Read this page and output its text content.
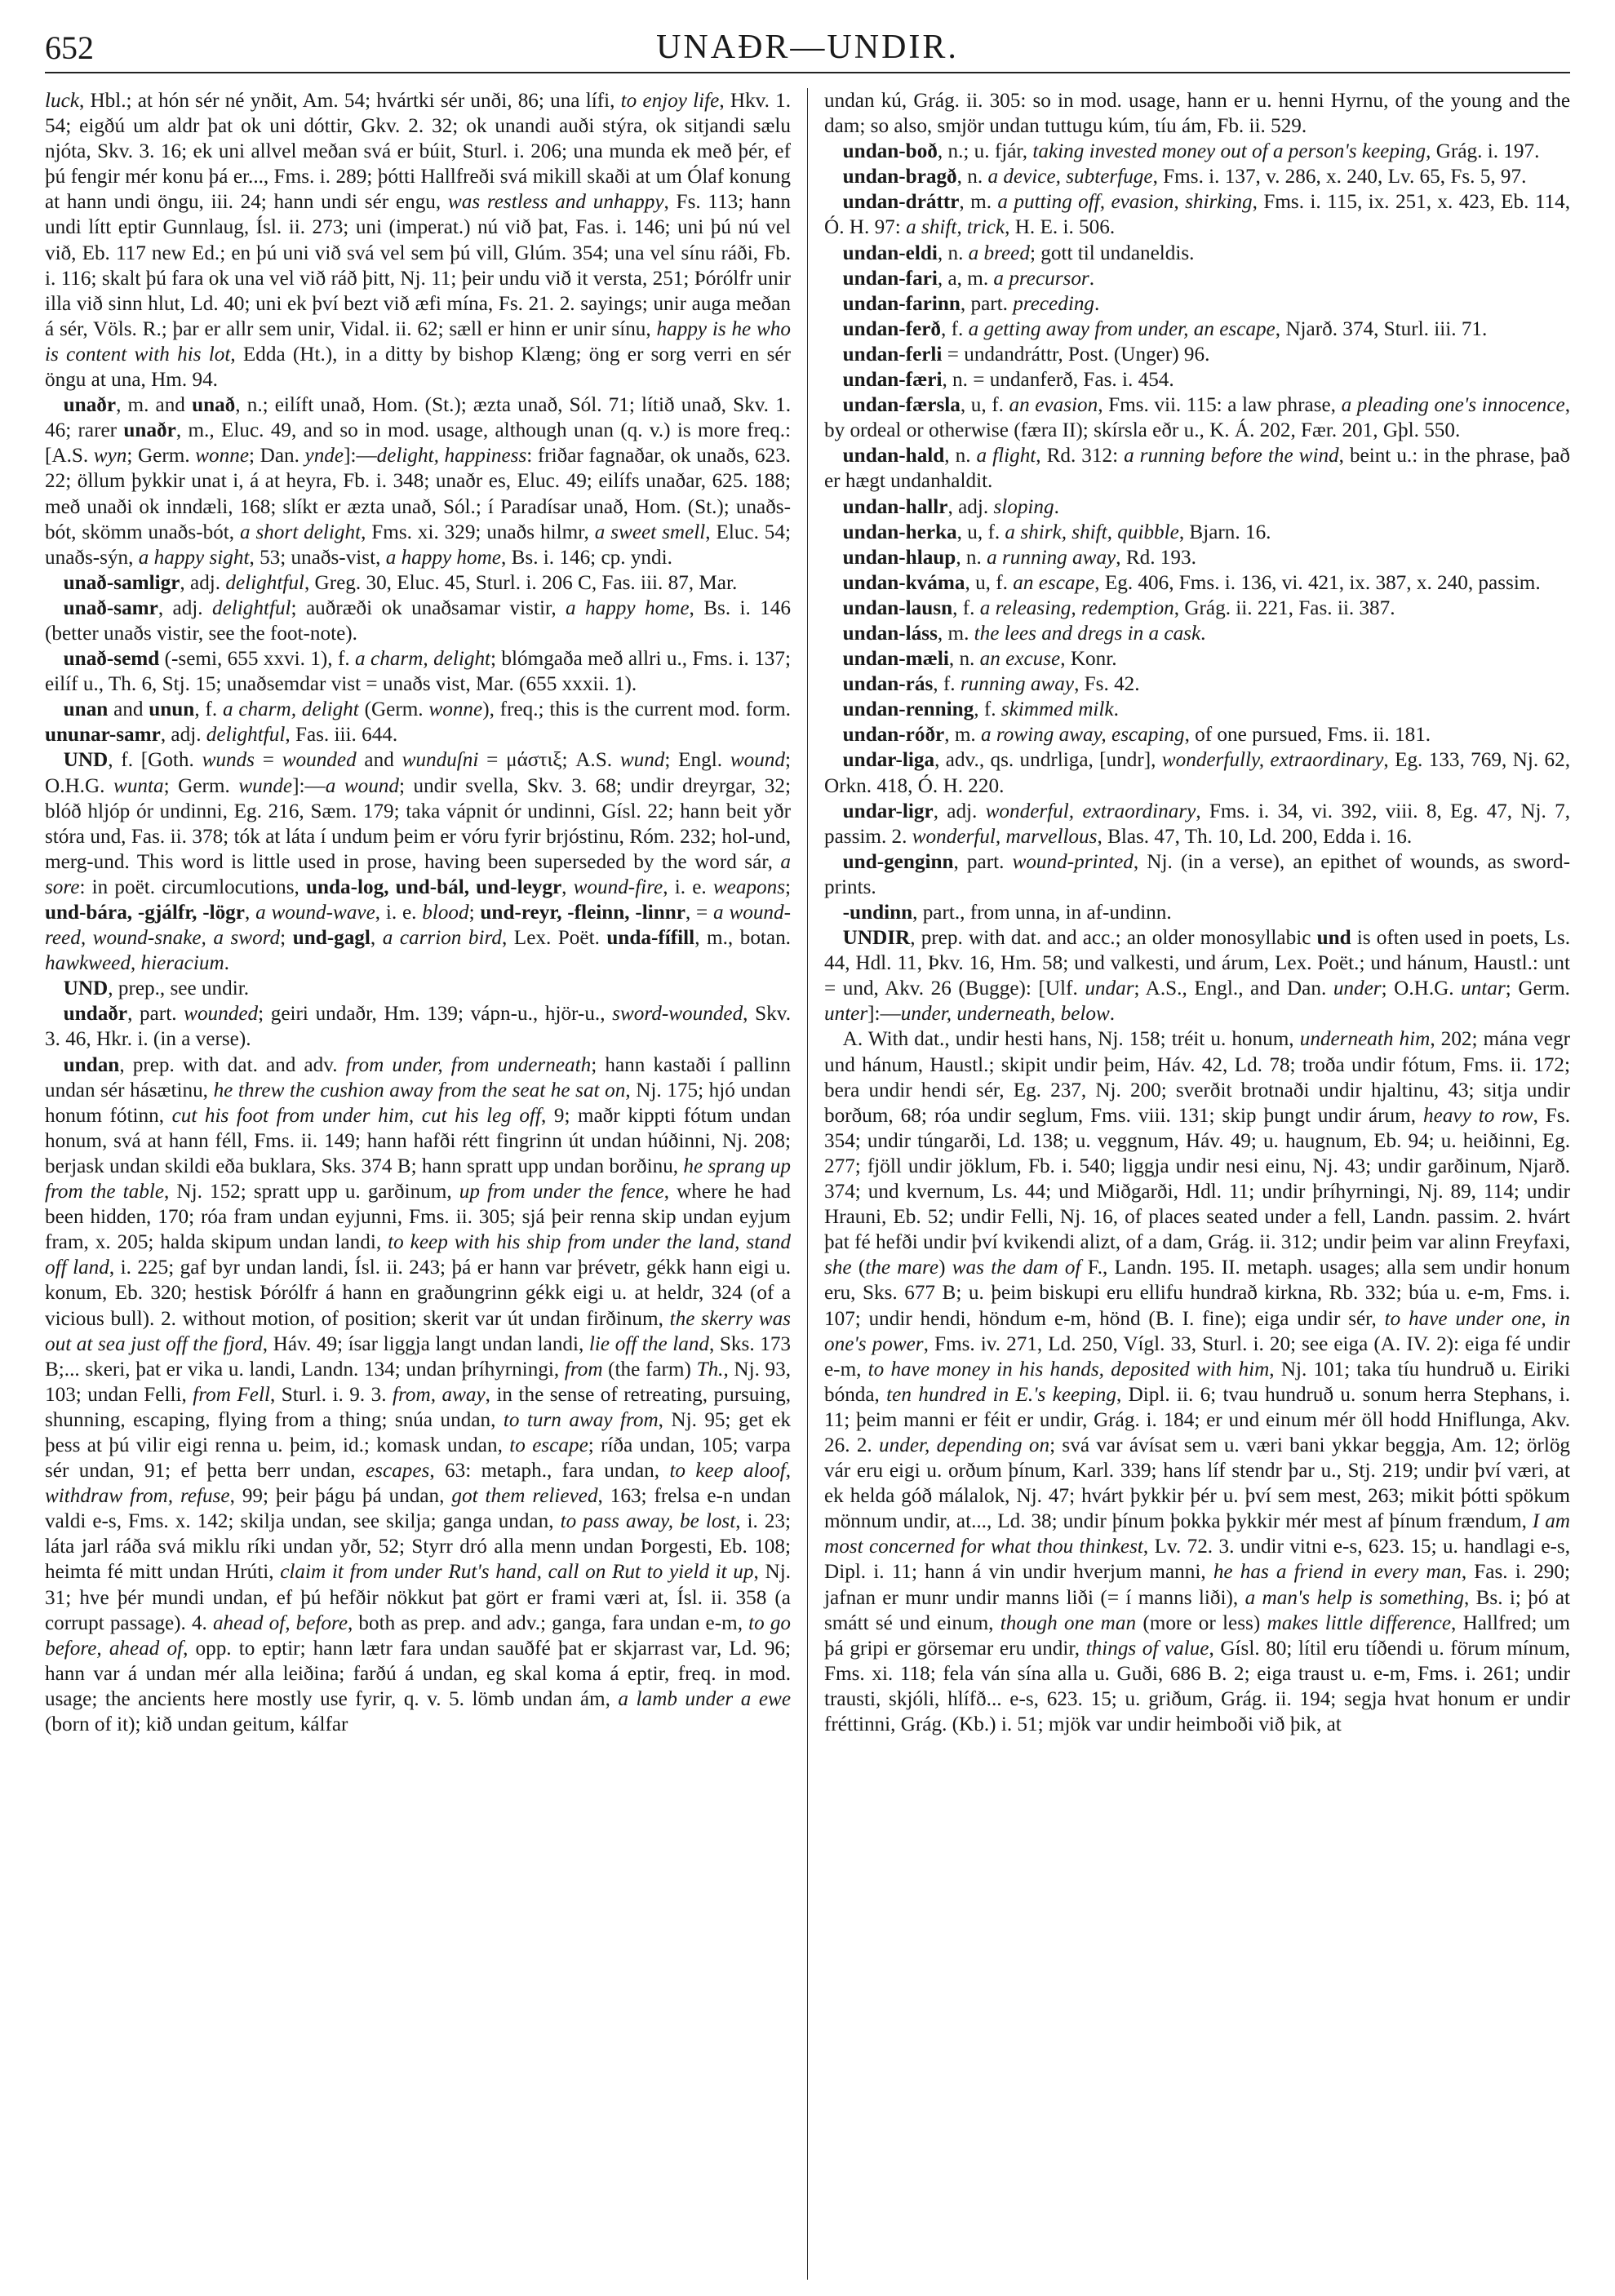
652	UNAÐR—UNDIR.

luck, Hbl.; at hón sér né ynðit, Am. 54; hvártki sér unði, 86; una lífi, to enjoy life, Hkv. 1. 54; eigðú um aldr þat ok uni dóttir, Gkv. 2. 32; ok unandi auði stýra, ok sitjandi sælu njóta, Skv. 3. 16; ek uni allvel meðan svá er búit, Sturl. i. 206; una munda ek með þér, ef þú fengir mér konu þá er..., Fms. i. 289; þótti Hallfreði svá mikill skaði at um Ólaf konung at hann undi öngu, iii. 24; hann undi sér engu, was restless and unhappy, Fs. 113; hann undi lítt eptir Gunnlaug, Ísl. ii. 273; uni (imperat.) nú við þat, Fas. i. 146; uni þú nú vel við, Eb. 117 new Ed.; en þú uni við svá vel sem þú vill, Glúm. 354; una vel sínu ráði, Fb. i. 116; skalt þú fara ok una vel við ráð þitt, Nj. 11; þeir undu við it versta, 251; Þórólfr unir illa við sinn hlut, Ld. 40; uni ek því bezt við æfi mína, Fs. 21. 2. sayings; unir auga meðan á sér, Völs. R.; þar er allr sem unir, Vidal. ii. 62; sæll er hinn er unir sínu, happy is he who is content with his lot, Edda (Ht.), in a ditty by bishop Klæng; öng er sorg verri en sér öngu at una, Hm. 94.

unaðr, m. and unað, n.; eilíft unað, Hom. (St.); æzta unað, Sól. 71; lítið unað, Skv. 1. 46; rarer unaðr, m., Eluc. 49, and so in mod. usage, although unan (q. v.) is more freq.: [A.S. wyn; Germ. wonne; Dan. ynde]:—delight, happiness: friðar fagnaðar, ok unaðs, 623. 22; öllum þykkir unat i, á at heyra, Fb. i. 348; unaðr es, Eluc. 49; eilífs unaðar, 625. 188; með unaði ok inndæli, 168; slíkt er æzta unað, Sól.; í Paradísar unað, Hom. (St.); unaðs-bót, skömm unaðs-bót, a short delight, Fms. xi. 329; unaðs hilmr, a sweet smell, Eluc. 54; unaðs-sýn, a happy sight, 53; unaðs-vist, a happy home, Bs. i. 146; cp. yndi.

unað-samligr, adj. delightful, Greg. 30, Eluc. 45, Sturl. i. 206 C, Fas. iii. 87, Mar.

unað-samr, adj. delightful; auðræði ok unaðsamar vistir, a happy home, Bs. i. 146 (better unaðs vistir, see the foot-note).

unað-semd (-semi, 655 xxvi. 1), f. a charm, delight; blómgaða með allri u., Fms. i. 137; eilíf u., Th. 6, Stj. 15; unaðsemdar vist = unaðs vist, Mar. (655 xxxii. 1).

unan and unun, f. a charm, delight (Germ. wonne), freq.; this is the current mod. form. ununar-samr, adj. delightful, Fas. iii. 644.

UND, f. [Goth. wunds = wounded and wunduſni = μάστιξ; A.S. wund; Engl. wound; O.H.G. wunta; Germ. wunde]:—a wound; undir svella, Skv. 3. 68; undir dreyrgar, 32; blóð hljóp ór undinni, Eg. 216, Sæm. 179; taka vápnit ór undinni, Gísl. 22; hann beit yðr stóra und, Fas. ii. 378; tók at láta í undum þeim er vóru fyrir brjóstinu, Róm. 232; hol-und, merg-und. This word is little used in prose, having been superseded by the word sár, a sore: in poët. circumlocutions, unda-log, und-bál, und-leygr, wound-fire, i. e. weapons; und-bára, -gjálfr, -lögr, a wound-wave, i. e. blood; und-reyr, -fleinn, -linnr, = a wound-reed, wound-snake, a sword; und-gagl, a carrion bird, Lex. Poët. unda-fífill, m., botan. hawkweed, hieracium.

UND, prep., see undir.

undaðr, part. wounded; geiri undaðr, Hm. 139; vápn-u., hjör-u., sword-wounded, Skv. 3. 46, Hkr. i. (in a verse).

undan, prep. with dat. and adv. from under, from underneath; hann kastaði í pallinn undan sér hásætinu, he threw the cushion away from the seat he sat on, Nj. 175; hjó undan honum fótinn, cut his foot from under him, cut his leg off, 9; maðr kippti fótum undan honum, svá at hann féll, Fms. ii. 149; hann hafði rétt fingrinn út undan húðinni, Nj. 208; berjask undan skildi eða buklara, Sks. 374 B; hann spratt upp undan borðinu, he sprang up from the table, Nj. 152; spratt upp u. garðinum, up from under the fence, where he had been hidden, 170; róa fram undan eyjunni, Fms. ii. 305; sjá þeir renna skip undan eyjum fram, x. 205; halda skipum undan landi, to keep with his ship from under the land, stand off land, i. 225; gaf byr undan landi, Ísl. ii. 243; þá er hann var þrévetr, gékk hann eigi u. konum, Eb. 320; hestisk Þórólfr á hann en graðungrinn gékk eigi u. at heldr, 324 (of a vicious bull). 2. without motion, of position; skerit var út undan firðinum, the skerry was out at sea just off the fjord, Háv. 49; ísar liggja langt undan landi, lie off the land, Sks. 173 B;... skeri, þat er vika u. landi, Landn. 134; undan þríhyrningi, from (the farm) Th., Nj. 93, 103; undan Felli, from Fell, Sturl. i. 9. 3. from, away, in the sense of retreating, pursuing, shunning, escaping, flying from a thing; snúa undan, to turn away from, Nj. 95; get ek þess at þú vilir eigi renna u. þeim, id.; komask undan, to escape; ríða undan, 105; varpa sér undan, 91; ef þetta berr undan, escapes, 63: metaph., fara undan, to keep aloof, withdraw from, refuse, 99; þeir þágu þá undan, got them relieved, 163; frelsa e-n undan valdi e-s, Fms. x. 142; skilja undan, see skilja; ganga undan, to pass away, be lost, i. 23; láta jarl ráða svá miklu ríki undan yðr, 52; Styrr dró alla menn undan Þorgesti, Eb. 108; heimta fé mitt undan Hrúti, claim it from under Rut's hand, call on Rut to yield it up, Nj. 31; hve þér mundi undan, ef þú hefðir nökkut þat gört er frami væri at, Ísl. ii. 358 (a corrupt passage). 4. ahead of, before, both as prep. and adv.; ganga, fara undan e-m, to go before, ahead of, opp. to eptir; hann lætr fara undan sauðfé þat er skjarrast var, Ld. 96; hann var á undan mér alla leiðina; farðú á undan, eg skal koma á eptir, freq. in mod. usage; the ancients here mostly use fyrir, q. v. 5. lömb undan ám, a lamb under a ewe (born of it); kið undan geitum, kálfar

undan kú, Grág. ii. 305: so in mod. usage, hann er u. henni Hyrnu, of the young and the dam; so also, smjör undan tuttugu kúm, tíu ám, Fb. ii. 529.

undan-boð, n.; u. fjár, taking invested money out of a person's keeping, Grág. i. 197.

undan-bragð, n. a device, subterfuge, Fms. i. 137, v. 286, x. 240, Lv. 65, Fs. 5, 97.

undan-dráttr, m. a putting off, evasion, shirking, Fms. i. 115, ix. 251, x. 423, Eb. 114, Ó. H. 97: a shift, trick, H. E. i. 506.

undan-eldi, n. a breed; gott til undaneldis.

undan-fari, a, m. a precursor.

undan-farinn, part. preceding.

undan-ferð, f. a getting away from under, an escape, Njarð. 374, Sturl. iii. 71.

undan-ferli = undandráttr, Post. (Unger) 96.

undan-færi, n. = undanferð, Fas. i. 454.

undan-færsla, u, f. an evasion, Fms. vii. 115: a law phrase, a pleading one's innocence, by ordeal or otherwise (færa II); skírsla eðr u., K. Á. 202, Fær. 201, Gþl. 550.

undan-hald, n. a flight, Rd. 312: a running before the wind, beint u.: in the phrase, það er hægt undanhaldit.

undan-hallr, adj. sloping.

undan-herka, u, f. a shirk, shift, quibble, Bjarn. 16.

undan-hlaup, n. a running away, Rd. 193.

undan-kváma, u, f. an escape, Eg. 406, Fms. i. 136, vi. 421, ix. 387, x. 240, passim.

undan-lausn, f. a releasing, redemption, Grág. ii. 221, Fas. ii. 387.

undan-láss, m. the lees and dregs in a cask.

undan-mæli, n. an excuse, Konr.

undan-rás, f. running away, Fs. 42.

undan-renning, f. skimmed milk.

undan-róðr, m. a rowing away, escaping, of one pursued, Fms. ii. 181.

undar-liga, adv., qs. undrliga, [undr], wonderfully, extraordinary, Eg. 133, 769, Nj. 62, Orkn. 418, Ó. H. 220.

undar-ligr, adj. wonderful, extraordinary, Fms. i. 34, vi. 392, viii. 8, Eg. 47, Nj. 7, passim. 2. wonderful, marvellous, Blas. 47, Th. 10, Ld. 200, Edda i. 16.

und-genginn, part. wound-printed, Nj. (in a verse), an epithet of wounds, as sword-prints.

-undinn, part., from unna, in af-undinn.

UNDIR, prep. with dat. and acc.; an older monosyllabic und is often used in poets, Ls. 44, Hdl. 11, Þkv. 16, Hm. 58; und valkesti, und árum, Lex. Poët.; und hánum, Haustl.: unt = und, Akv. 26 (Bugge): [Ulf. undar; A.S., Engl., and Dan. under; O.H.G. untar; Germ. unter]:—under, underneath, below.

A. With dat., undir hesti hans, Nj. 158; tréit u. honum, underneath him, 202; mána vegr und hánum, Haustl.; skipit undir þeim, Háv. 42, Ld. 78; troða undir fótum, Fms. ii. 172; bera undir hendi sér, Eg. 237, Nj. 200; sverðit brotnaði undir hjaltinu, 43; sitja undir borðum, 68; róa undir seglum, Fms. viii. 131; skip þungt undir árum, heavy to row, Fs. 354; undir túngarði, Ld. 138; u. veggnum, Háv. 49; u. haugnum, Eb. 94; u. heiðinni, Eg. 277; fjöll undir jöklum, Fb. i. 540; liggja undir nesi einu, Nj. 43; undir garðinum, Njarð. 374; und kvernum, Ls. 44; und Miðgarði, Hdl. 11; undir þríhyrningi, Nj. 89, 114; undir Hrauni, Eb. 52; undir Felli, Nj. 16, of places seated under a fell, Landn. passim. 2. hvárt þat fé hefði undir því kvikendi alizt, of a dam, Grág. ii. 312; undir þeim var alinn Freyfaxi, she (the mare) was the dam of F., Landn. 195. II. metaph. usages; alla sem undir honum eru, Sks. 677 B; u. þeim biskupi eru ellifu hundrað kirkna, Rb. 332; búa u. e-m, Fms. i. 107; undir hendi, höndum e-m, hönd (B. I. fine); eiga undir sér, to have under one, in one's power, Fms. iv. 271, Ld. 250, Vígl. 33, Sturl. i. 20; see eiga (A. IV. 2): eiga fé undir e-m, to have money in his hands, deposited with him, Nj. 101; taka tíu hundruð u. Eiriki bónda, ten hundred in E.'s keeping, Dipl. ii. 6; tvau hundruð u. sonum herra Stephans, i. 11; þeim manni er féit er undir, Grág. i. 184; er und einum mér öll hodd Hniflunga, Akv. 26. 2. under, depending on; svá var ávísat sem u. væri bani ykkar beggja, Am. 12; örlög vár eru eigi u. orðum þínum, Karl. 339; hans líf stendr þar u., Stj. 219; undir því væri, at ek helda góð málalok, Nj. 47; hvárt þykkir þér u. því sem mest, 263; mikit þótti spökum mönnum undir, at..., Ld. 38; undir þínum þokka þykkir mér mest af þínum frændum, I am most concerned for what thou thinkest, Lv. 72. 3. undir vitni e-s, 623. 15; u. handlagi e-s, Dipl. i. 11; hann á vin undir hverjum manni, he has a friend in every man, Fas. i. 290; jafnan er munr undir manns liði (= í manns liði), a man's help is something, Bs. i; þó at smátt sé und einum, though one man (more or less) makes little difference, Hallfred; um þá gripi er görsemar eru undir, things of value, Gísl. 80; lítil eru tíðendi u. förum mínum, Fms. xi. 118; fela ván sína alla u. Guði, 686 B. 2; eiga traust u. e-m, Fms. i. 261; undir trausti, skjóli, hlífð... e-s, 623. 15; u. griðum, Grág. ii. 194; segja hvat honum er undir fréttinni, Grág. (Kb.) i. 51; mjök var undir heimboði við þik, at
